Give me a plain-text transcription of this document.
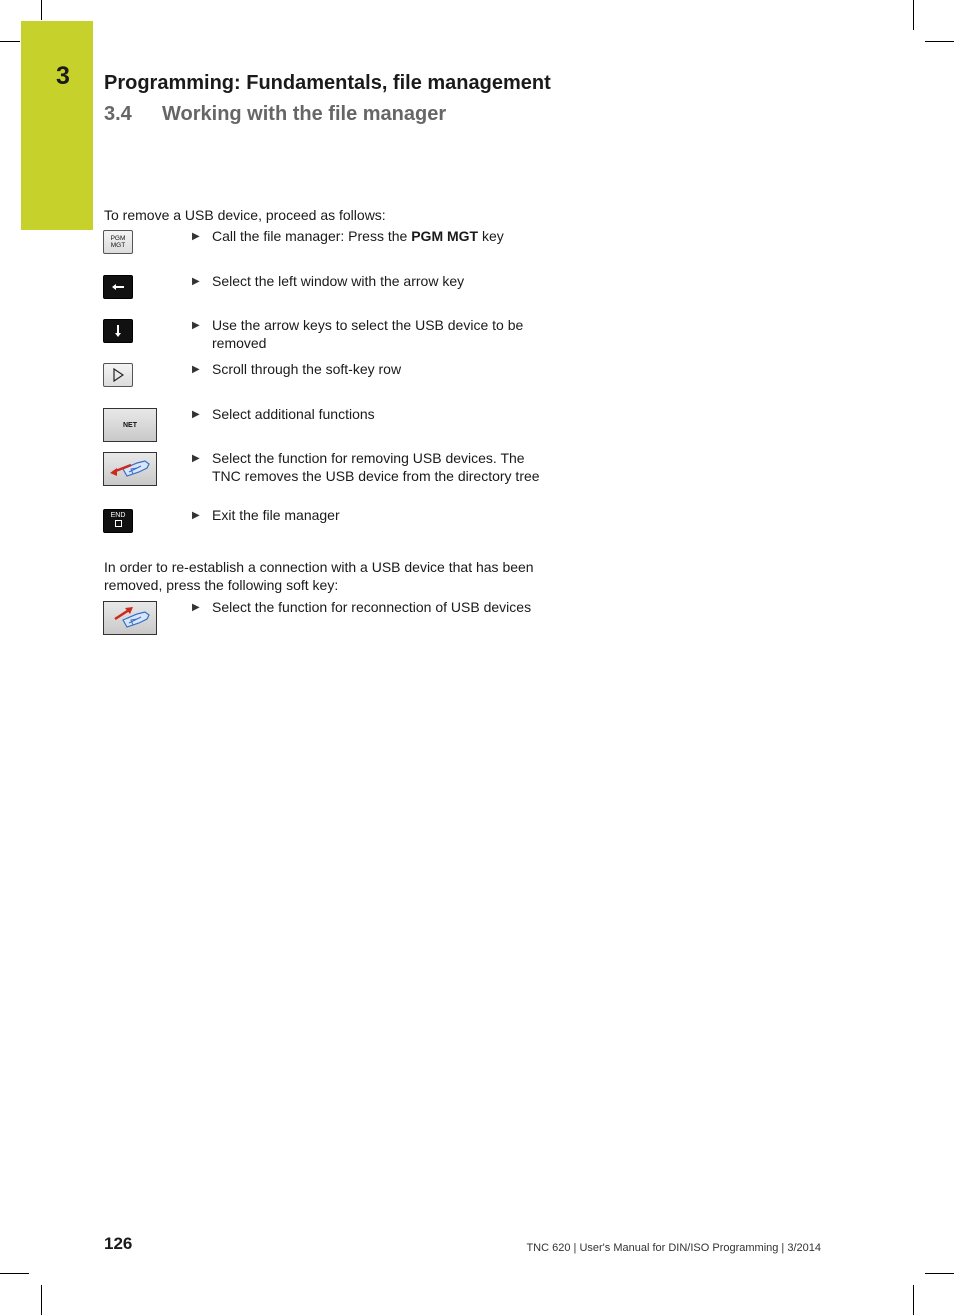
3 Programming: Fundamentals, file management
3.4 Working with the file manager
To remove a USB device, proceed as follows:
PGM
MGT
▶ Call the file manager: Press the PGM MGT key
▶ Select the left window with the arrow key
▶ Use the arrow keys to select the USB device to be removed
▶ Scroll through the soft-key row
NET
▶ Select additional functions
▶ Select the function for removing USB devices. The TNC removes the USB device from the directory tree
END	▶ Exit the file manager
In order to re-establish a connection with a USB device that has been removed, press the following soft key:
▶ Select the function for reconnection of USB devices
126	TNC 620 | User's Manual for DIN/ISO Programming | 3/2014
